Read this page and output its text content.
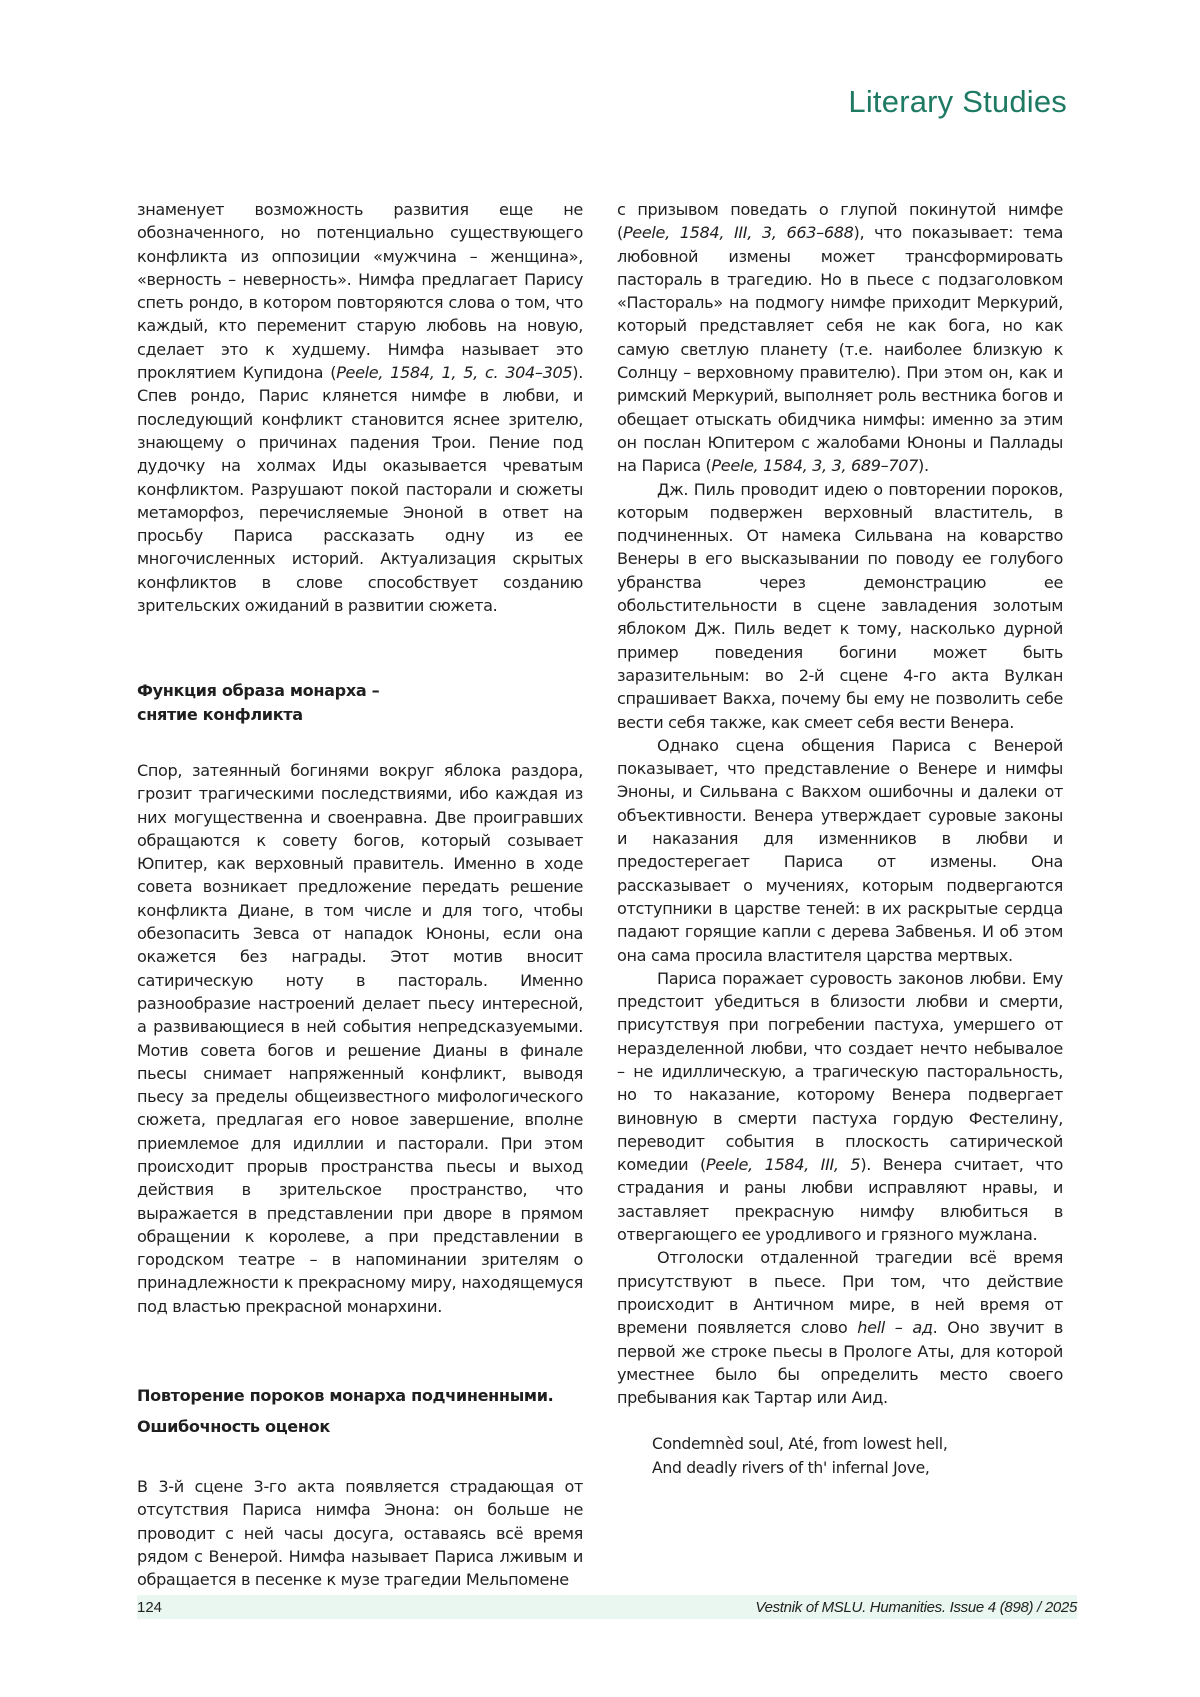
Literary Studies

знаменует возможность развития еще не обозначенного, но потенциально существующего конфликта из оппозиции «мужчина – женщина», «верность – неверность». Нимфа предлагает Парису спеть рондо, в котором повторяются слова о том, что каждый, кто переменит старую любовь на новую, сделает это к худшему. Нимфа называет это проклятием Купидона (Peele, 1584, 1, 5, c. 304–305). Спев рондо, Парис клянется нимфе в любви, и последующий конфликт становится яснее зрителю, знающему о причинах падения Трои. Пение под дудочку на холмах Иды оказывается чреватым конфликтом. Разрушают покой пасторали и сюжеты метаморфоз, перечисляемые Эноной в ответ на просьбу Париса рассказать одну из ее многочисленных историй. Актуализация скрытых конфликтов в слове способствует созданию зрительских ожиданий в развитии сюжета.

Функция образа монарха –
снятие конфликта

Спор, затеянный богинями вокруг яблока раздора, грозит трагическими последствиями, ибо каждая из них могущественна и своенравна. Две проигравших обращаются к совету богов, который созывает Юпитер, как верховный правитель. Именно в ходе совета возникает предложение передать решение конфликта Диане, в том числе и для того, чтобы обезопасить Зевса от нападок Юноны, если она окажется без награды. Этот мотив вносит сатирическую ноту в пастораль. Именно разнообразие настроений делает пьесу интересной, а развивающиеся в ней события непредсказуемыми. Мотив совета богов и решение Дианы в финале пьесы снимает напряженный конфликт, выводя пьесу за пределы общеизвестного мифологического сюжета, предлагая его новое завершение, вполне приемлемое для идиллии и пасторали. При этом происходит прорыв пространства пьесы и выход действия в зрительское пространство, что выражается в представлении при дворе в прямом обращении к королеве, а при представлении в городском театре – в напоминании зрителям о принадлежности к прекрасному миру, находящемуся под властью прекрасной монархини.

Повторение пороков монарха подчиненными.
Ошибочность оценок

В 3-й сцене 3-го акта появляется страдающая от отсутствия Париса нимфа Энона: он больше не проводит с ней часы досуга, оставаясь всё время рядом с Венерой. Нимфа называет Париса лживым и обращается в песенке к музе трагедии Мельпомене

с призывом поведать о глупой покинутой нимфе (Peele, 1584, III, 3, 663–688), что показывает: тема любовной измены может трансформировать пастораль в трагедию. Но в пьесе с подзаголовком «Пастораль» на подмогу нимфе приходит Меркурий, который представляет себя не как бога, но как самую светлую планету (т.е. наиболее близкую к Солнцу – верховному правителю). При этом он, как и римский Меркурий, выполняет роль вестника богов и обещает отыскать обидчика нимфы: именно за этим он послан Юпитером с жалобами Юноны и Паллады на Париса (Peele, 1584, 3, 3, 689–707).

Дж. Пиль проводит идею о повторении пороков, которым подвержен верховный властитель, в подчиненных. От намека Сильвана на коварство Венеры в его высказывании по поводу ее голубого убранства через демонстрацию ее обольстительности в сцене завладения золотым яблоком Дж. Пиль ведет к тому, насколько дурной пример поведения богини может быть заразительным: во 2-й сцене 4-го акта Вулкан спрашивает Вакха, почему бы ему не позволить себе вести себя также, как смеет себя вести Венера.

Однако сцена общения Париса с Венерой показывает, что представление о Венере и нимфы Эноны, и Сильвана с Вакхом ошибочны и далеки от объективности. Венера утверждает суровые законы и наказания для изменников в любви и предостерегает Париса от измены. Она рассказывает о мучениях, которым подвергаются отступники в царстве теней: в их раскрытые сердца падают горящие капли с дерева Забвенья. И об этом она сама просила властителя царства мертвых.

Париса поражает суровость законов любви. Ему предстоит убедиться в близости любви и смерти, присутствуя при погребении пастуха, умершего от неразделенной любви, что создает нечто небывалое – не идиллическую, а трагическую пасторальность, но то наказание, которому Венера подвергает виновную в смерти пастуха гордую Фестелину, переводит события в плоскость сатирической комедии (Peele, 1584, III, 5). Венера считает, что страдания и раны любви исправляют нравы, и заставляет прекрасную нимфу влюбиться в отвергающего ее уродливого и грязного мужлана.

Отголоски отдаленной трагедии всё время присутствуют в пьесе. При том, что действие происходит в Античном мире, в ней время от времени появляется слово hell – ад. Оно звучит в первой же строке пьесы в Прологе Аты, для которой уместнее было бы определить место своего пребывания как Тартар или Аид.

Condemnèd soul, Até, from lowest hell,
And deadly rivers of th' infernal Jove,
124	Vestnik of MSLU. Humanities. Issue 4 (898) / 2025
